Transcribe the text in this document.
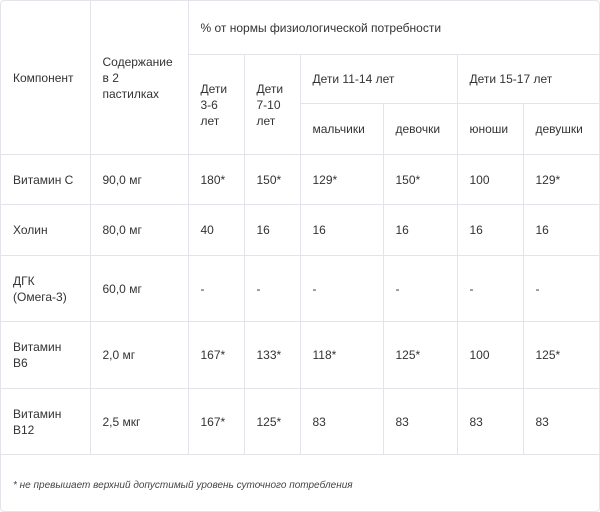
Компонент	Содержание в 2 пастилках	% от нормы физиологической потребности					
		Дети 3-6 лет	Дети 7-10 лет	Дети 11-14 лет		Дети 15-17 лет	
				мальчики	девочки	юноши	девушки
Витамин С	90,0 мг	180*	150*	129*	150*	100	129*
Холин	80,0 мг	40	16	16	16	16	16
ДГК (Омега-3)	60,0 мг	-	-	-	-	-	-
Витамин В6	2,0 мг	167*	133*	118*	125*	100	125*
Витамин В12	2,5 мкг	167*	125*	83	83	83	83
* не превышает верхний допустимый уровень суточного потребления
